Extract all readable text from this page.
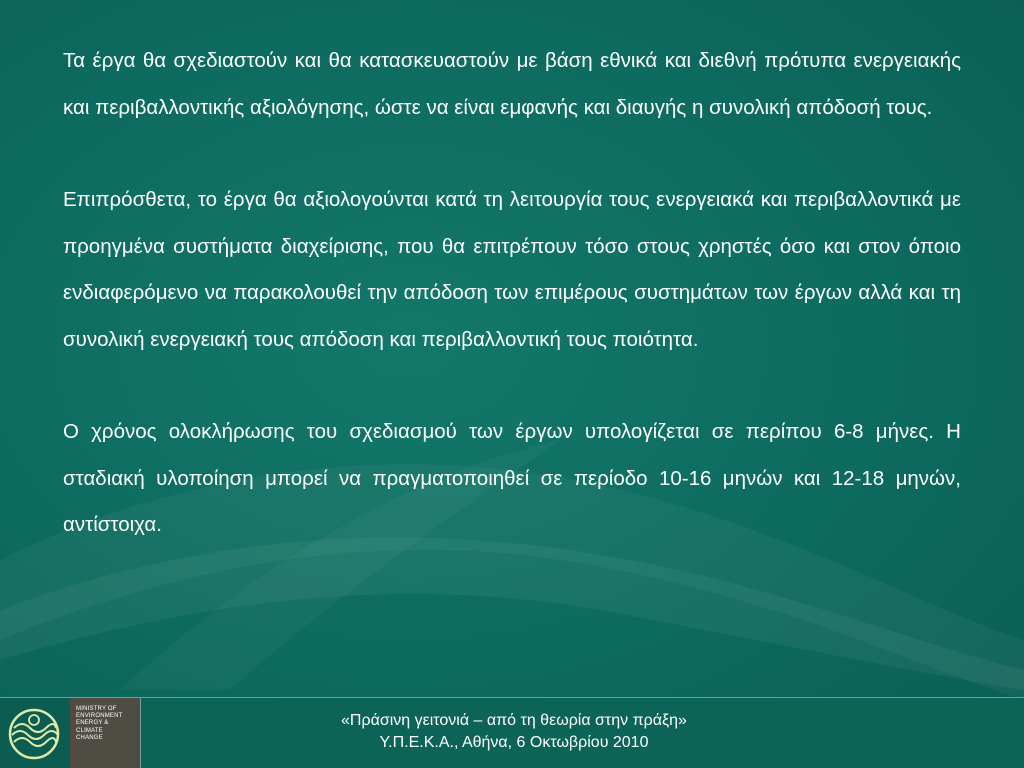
Τα έργα θα σχεδιαστούν και θα κατασκευαστούν με βάση εθνικά και διεθνή πρότυπα ενεργειακής και περιβαλλοντικής αξιολόγησης, ώστε να είναι εμφανής και διαυγής η συνολική απόδοσή τους.

Επιπρόσθετα, το έργα θα αξιολογούνται κατά τη λειτουργία τους ενεργειακά και περιβαλλοντικά με προηγμένα συστήματα διαχείρισης, που θα επιτρέπουν τόσο στους χρηστές όσο και στον όποιο ενδιαφερόμενο να παρακολουθεί την απόδοση των επιμέρους συστημάτων των έργων αλλά και τη συνολική ενεργειακή τους απόδοση και περιβαλλοντική τους ποιότητα.

Ο χρόνος ολοκλήρωσης του σχεδιασμού των έργων υπολογίζεται σε περίπου 6-8 μήνες. Η σταδιακή υλοποίηση μπορεί να πραγματοποιηθεί σε περίοδο 10-16 μηνών και 12-18 μηνών, αντίστοιχα.

MINISTRY OF
ENVIRONMENT
ENERGY &
CLIMATE
CHANGE
«Πράσινη γειτονιά – από τη θεωρία στην πράξη»
Υ.Π.Ε.Κ.Α., Αθήνα, 6 Οκτωβρίου 2010
